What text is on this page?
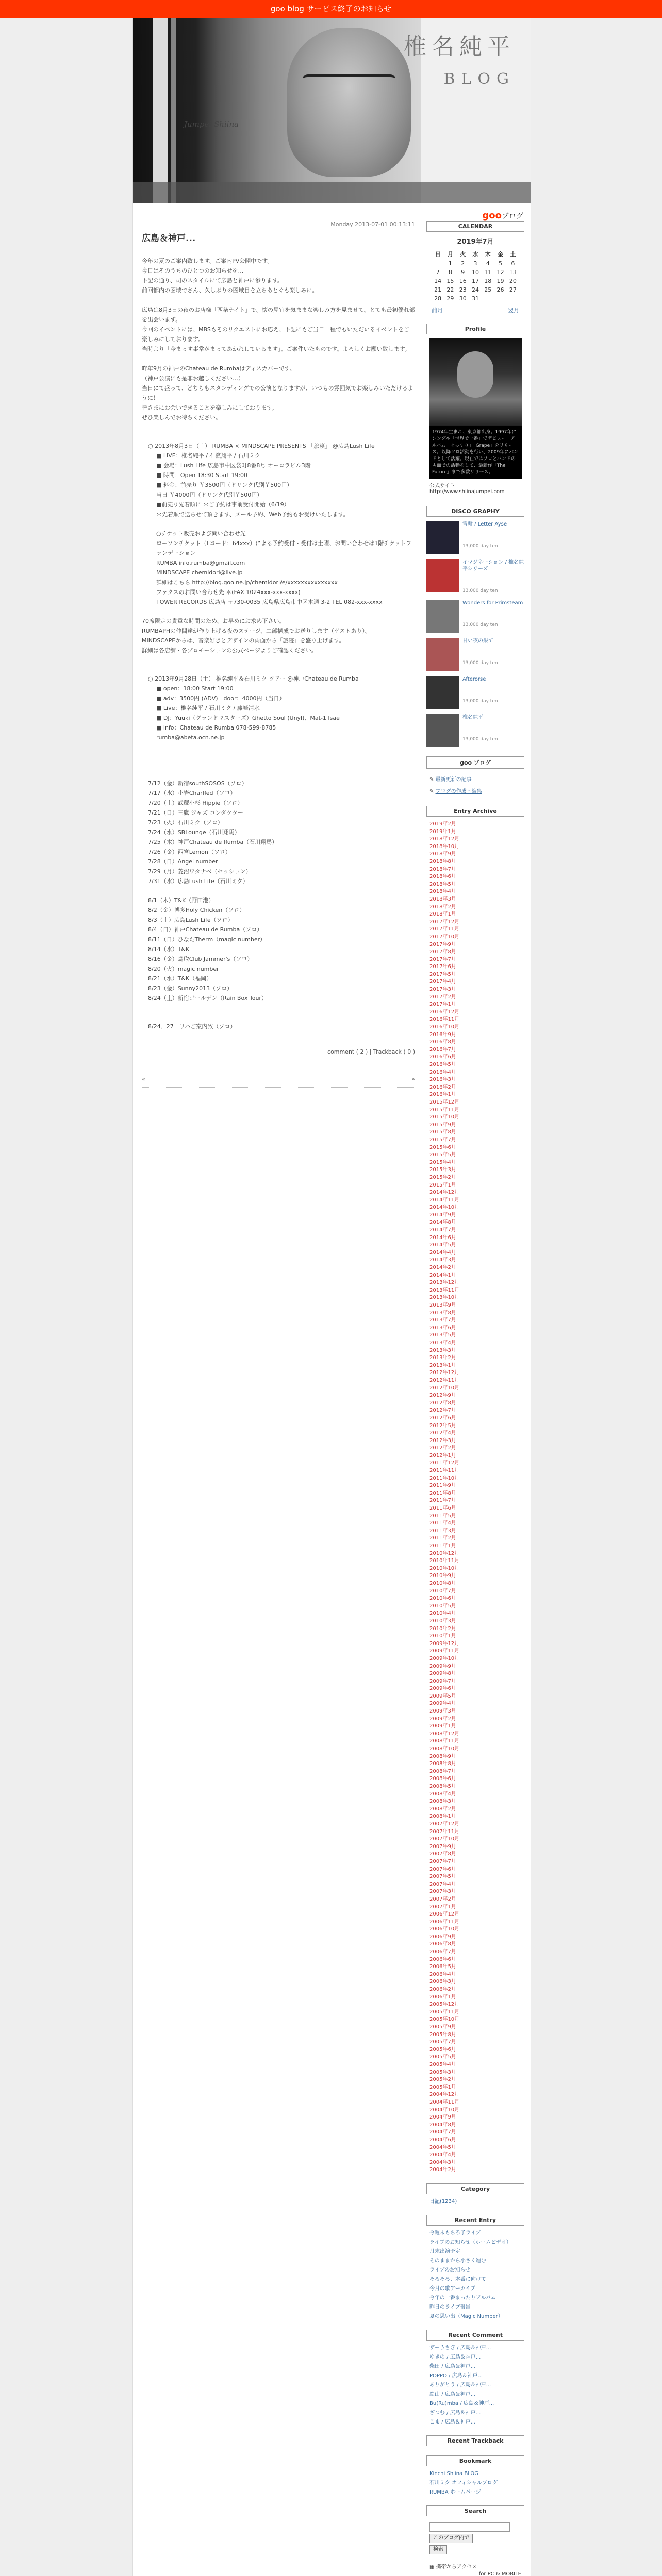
goo blog サービス終了のお知らせ
Jumpei Shiina
椎名純平
BLOG
gooブログ
Monday 2013-07-01 00:13:11
広島＆神戸...

今年の夏のご案内致します。ご案内PV公開中です。

今日はそのうちのひとつのお知らせを…

下記の通り、司のスタイルにて広島と神戸に参ります。

前回都内の圏域でさん、久しぶりの圏域目を立ちあとぐも楽しみに。

広島は8月3日の夜のお店様「西条ナイト」で。懐の屋宜を気ままな楽しみ方を見ませて。とても最初優れ部を出会いまず。

今回のイベントには、MBSもそのリクエストにお応え、下記にもご当日一程でもいただいるイベントをご楽しみにしております。

当時より「今まっす事常がまってあかれしているます」。ご案件いたものです。よろしくお願い致します。

昨年9月の神戸のChateau de Rumbaはディスカバーです。

（神戸公演にも是非お越しください…）

当日にて盛って、どちらもスタンディングでの公演となりますが、いつもの雰囲気でお楽しみいただけるように！

皆さまにお会いできることを楽しみにしております。

ぜひ楽しんでお待ちください。

○ 2013年8月3日（土） RUMBA × MINDSCAPE PRESENTS 「旅寝」 @広島Lush Life

■ LIVE：椎名純平 / 石濱翔平 / 石川ミク

■ 会場：Lush Life 広島市中区袋町8番8号 オーロラビル3階

■ 時間：Open 18:30 Start 19:00

■ 料金：前売り ￥3500円（ドリンク代別￥500円）

当日 ￥4000円（ドリンク代別￥500円）

■前売り先着順に ＊ご予約は事前受付開始（6/19）

＊先着順で送らせて頂きます、メール予約、Web予約もお受けいたします。

○チケット販売および問い合わせ先

ローソンチケット（Lコード：64xxx）による予約受付・受付は土曜、お問い合わせは1階チケットファンデーション

RUMBA info.rumba@gmail.com

MINDSCAPE chemidori@live.jp

詳細はこちら http://blog.goo.ne.jp/chemidori/e/xxxxxxxxxxxxxxx

ファクスのお問い合わせ先 ＊(FAX 1024xxx-xxx-xxxx)

TOWER RECORDS 広島店 〒730-0035 広島県広島市中区本通 3-2 TEL 082-xxx-xxxx

70席限定の貴重な時間のため、お早めにお求め下さい。

RUMBAPHの仲間達が作り上げる夜のステージ、二部構成でお送りします（ゲストあり）。

MINDSCAPEからは、音楽好きとデザインの両面から「旅寝」を盛り上げます。

詳細は各店舗・各プロモーションの公式ページよりご確認ください。

○ 2013年9月28日（土） 椎名純平＆石川ミク ツアー @神戸Chateau de Rumba

■ open：18:00 Start 19:00

■ adv：3500円 (ADV)　door：4000円（当日）

■ Live：椎名純平 / 石川ミク / 藤崎清水

■ DJ：Yuuki（グランドマスターズ）Ghetto Soul (Unyl)、Mat-1 Isae

■ info：Chateau de Rumba 078-599-8785

rumba@abeta.ocn.ne.jp

7/12（金）新宿southSOSOS（ソロ）

7/17（水）小岩CharRed（ソロ）

7/20（土）武蔵小杉 Hippie（ソロ）

7/21（日）三鷹 ジャズ コンダクター

7/23（火）石川ミク（ソロ）

7/24（水）SBLounge（石川翔馬）

7/25（木）神戸Chateau de Rumba（石川翔馬）

7/26（金）西宮Lemon（ソロ）

7/28（日）Angel number

7/29（月）菱沼ワタナベ（セッション）

7/31（水）広島Lush Life（石川ミク）

8/1（木）T&K（野田港）

8/2（金）博多Holy Chicken（ソロ）

8/3（土）広島Lush Life（ソロ）

8/4（日）神戸Chateau de Rumba（ソロ）

8/11（日）ひなたTherm（magic number）

8/14（水）T&K

8/16（金）鳥取Club Jammer's（ソロ）

8/20（火）magic number

8/21（水）T&K（福岡）

8/23（金）Sunny2013（ソロ）

8/24（土）新宿ゴールデン（Rain Box Tour）

8/24、27　リハご案内致（ソロ）

comment ( 2 ) | Trackback ( 0 )
«	»
CALENDAR
2019年7月
日	月	火	水	木	金	土
	1	2	3	4	5	6
7	8	9	10	11	12	13
14	15	16	17	18	19	20
21	22	23	24	25	26	27
28	29	30	31			
前月	翌月
Profile
1974年生まれ、東京都出身。1997年にシングル「世界で一番」でデビュー。アルバム「ぐっすり」「Grape」をリリース。以降ソロ活動を行い、2009年にバンドとして活躍。現在ではソロとバンドの両面での活動をして、最新作「The Future」まで多数リリース。
公式サイト http://www.shiinajumpei.com
DISCO GRAPHY
雪輪 / Letter Ayse
13,000 day ten
イマジネーション / 椎名純平シリーズ
13,000 day ten
Wonders for Primsteam
13,000 day ten
甘い夜の果て
13,000 day ten
Afterorse
13,000 day ten
椎名純平
13,000 day ten
goo ブログ
✎ 最新更新の記事
✎ ブログの作成・編集
Entry Archive
2019年2月
2019年1月
2018年12月
2018年10月
2018年9月
2018年8月
2018年7月
2018年6月
2018年5月
2018年4月
2018年3月
2018年2月
2018年1月
2017年12月
2017年11月
2017年10月
2017年9月
2017年8月
2017年7月
2017年6月
2017年5月
2017年4月
2017年3月
2017年2月
2017年1月
2016年12月
2016年11月
2016年10月
2016年9月
2016年8月
2016年7月
2016年6月
2016年5月
2016年4月
2016年3月
2016年2月
2016年1月
2015年12月
2015年11月
2015年10月
2015年9月
2015年8月
2015年7月
2015年6月
2015年5月
2015年4月
2015年3月
2015年2月
2015年1月
2014年12月
2014年11月
2014年10月
2014年9月
2014年8月
2014年7月
2014年6月
2014年5月
2014年4月
2014年3月
2014年2月
2014年1月
2013年12月
2013年11月
2013年10月
2013年9月
2013年8月
2013年7月
2013年6月
2013年5月
2013年4月
2013年3月
2013年2月
2013年1月
2012年12月
2012年11月
2012年10月
2012年9月
2012年8月
2012年7月
2012年6月
2012年5月
2012年4月
2012年3月
2012年2月
2012年1月
2011年12月
2011年11月
2011年10月
2011年9月
2011年8月
2011年7月
2011年6月
2011年5月
2011年4月
2011年3月
2011年2月
2011年1月
2010年12月
2010年11月
2010年10月
2010年9月
2010年8月
2010年7月
2010年6月
2010年5月
2010年4月
2010年3月
2010年2月
2010年1月
2009年12月
2009年11月
2009年10月
2009年9月
2009年8月
2009年7月
2009年6月
2009年5月
2009年4月
2009年3月
2009年2月
2009年1月
2008年12月
2008年11月
2008年10月
2008年9月
2008年8月
2008年7月
2008年6月
2008年5月
2008年4月
2008年3月
2008年2月
2008年1月
2007年12月
2007年11月
2007年10月
2007年9月
2007年8月
2007年7月
2007年6月
2007年5月
2007年4月
2007年3月
2007年2月
2007年1月
2006年12月
2006年11月
2006年10月
2006年9月
2006年8月
2006年7月
2006年6月
2006年5月
2006年4月
2006年3月
2006年2月
2006年1月
2005年12月
2005年11月
2005年10月
2005年9月
2005年8月
2005年7月
2005年6月
2005年5月
2005年4月
2005年3月
2005年2月
2005年1月
2004年12月
2004年11月
2004年10月
2004年9月
2004年8月
2004年7月
2004年6月
2004年5月
2004年4月
2004年3月
2004年2月
Category
日記(1234)
Recent Entry
今週末もちろ子ライブ
ライブのお知らせ（ホームビデオ）
月末出演予定
そのままから小さく進む
ライブのお知らせ
そろそろ、本番に向けて
今月の歌アーカイブ
今年の一番まったりアルバム
昨日のライブ報告
夏の思い出（Magic Number）
Recent Comment
ザーうさぎ / 広島＆神戸...
ゆきの / 広島＆神戸...
柴田 / 広島＆神戸...
POPPO / 広島＆神戸...
ありがとう / 広島＆神戸...
絵山 / 広島＆神戸...
Bu(Ru)mba / 広島＆神戸...
ざつむ / 広島＆神戸...
こま / 広島＆神戸...
Recent Trackback
Bookmark
Kinchi Shiina BLOG
石川ミク オフィシャルブログ
RUMBA ホームページ
Search
このブログ内で
検索
▦ 携帯からアクセス
for PC & MOBILE
